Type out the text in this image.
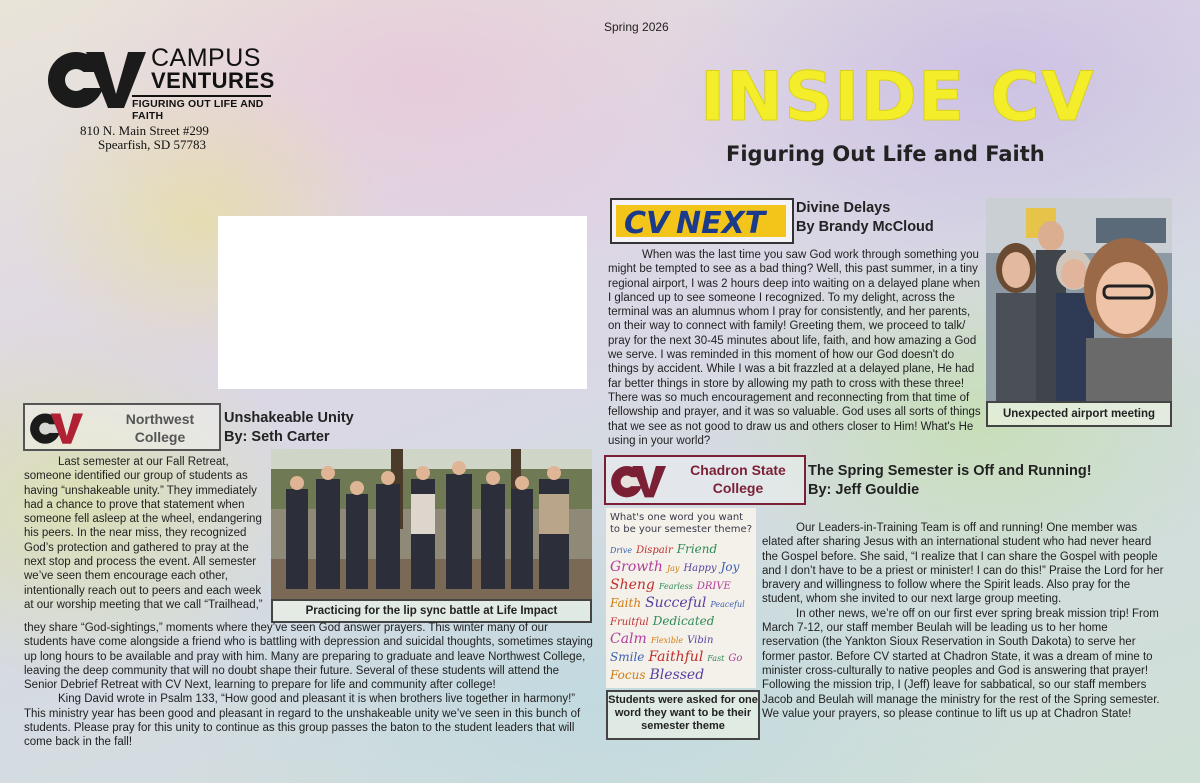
Spring 2026
CAMPUS
VENTURES
FIGURING OUT LIFE AND FAITH
810 N. Main Street #299
Spearfish, SD 57783
INSIDE CV
Figuring Out Life and Faith
CV NEXT Divine Delays
By Brandy McCloud

When was the last time you saw God work through something you might be tempted to see as a bad thing? Well, this past summer, in a tiny regional airport, I was 2 hours deep into waiting on a delayed plane when I glanced up to see someone I recognized. To my delight, across the terminal was an alumnus whom I pray for consistently, and her parents, on their way to connect with family! Greeting them, we proceed to talk/ pray for the next 30-45 minutes about life, faith, and how amazing a God we serve. I was reminded in this moment of how our God doesn't do things by accident. While I was a bit frazzled at a delayed plane, He had far better things in store by allowing my path to cross with these three! There was so much encouragement and reconnecting from that time of fellowship and prayer, and it was so valuable. God uses all sorts of things that we see as not good to draw us and others closer to Him! What's He using in your world?

Unexpected airport meeting
Northwest College
Unshakeable Unity
By: Seth Carter
Practicing for the lip sync battle at Life Impact

Last semester at our Fall Retreat, someone identified our group of students as having “unshakeable unity.” They immediately had a chance to prove that statement when someone fell asleep at the wheel, endangering his peers. In the near miss, they recognized God’s protection and gathered to pray at the next stop and process the event. All semester we’ve seen them encourage each other, intentionally reach out to peers and each week at our worship meeting that we call “Trailhead,”

they share “God-sightings,” moments where they’ve seen God answer prayers. This winter many of our students have come alongside a friend who is battling with depression and suicidal thoughts, sometimes staying up long hours to be available and pray with him. Many are preparing to graduate and leave Northwest College, leaving the deep community that will no doubt shape their future. Several of these students will attend the Senior Debrief Retreat with CV Next, learning to prepare for life and community after college!

King David wrote in Psalm 133, “How good and pleasant it is when brothers live together in harmony!” This ministry year has been good and pleasant in regard to the unshakeable unity we’ve seen in this bunch of students. Please pray for this unity to continue as this group passes the baton to the student leaders that will come back in the fall!

Chadron State College
The Spring Semester is Off and Running!
By: Jeff Gouldie
What's one word you want to be your semester theme?
Drive Dispair FriendGrowth Jay Happy JoySheng Fearless DRIVEFaith Succeful PeacefulFruitful DedicatedCalm Flexible VibinSmile Faithful Fast GoFocus Blessed
Students were asked for one word they want to be their semester theme

Our Leaders-in-Training Team is off and running! One member was elated after sharing Jesus with an international student who had never heard the Gospel before. She said, “I realize that I can share the Gospel with people and I don’t have to be a priest or minister! I can do this!” Praise the Lord for her bravery and willingness to follow where the Spirit leads. Also pray for the student, whom she invited to our next large group meeting.

In other news, we’re off on our first ever spring break mission trip! From March 7-12, our staff member Beulah will be leading us to her home reservation (the Yankton Sioux Reservation in South Dakota) to serve her former pastor. Before CV started at Chadron State, it was a dream of mine to minister cross-culturally to native peoples and God is answering that prayer! Following the mission trip, I (Jeff) leave for sabbatical, so our staff members Jacob and Beulah will manage the ministry for the rest of the Spring semester. We value your prayers, so please continue to lift us up at Chadron State!
